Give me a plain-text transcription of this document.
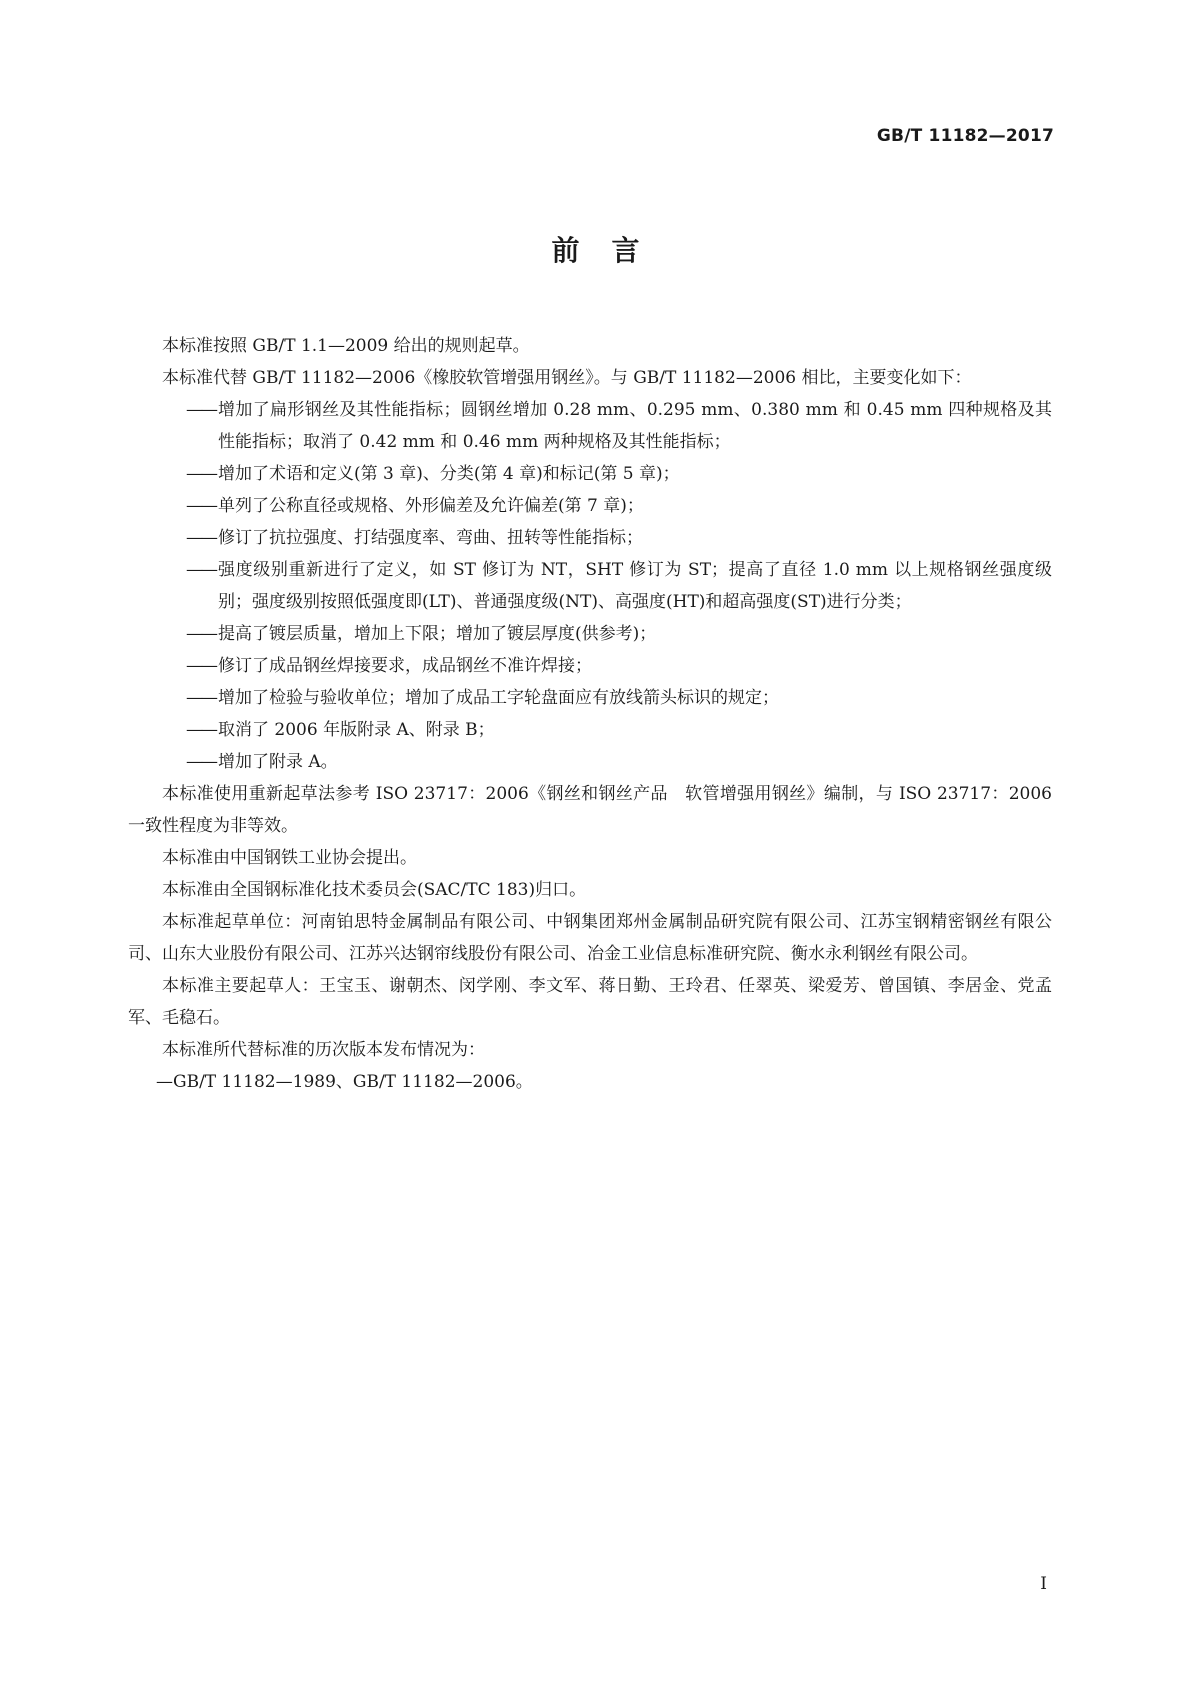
GB/T 11182—2017
前言

本标准按照 GB/T 1.1—2009 给出的规则起草。

本标准代替 GB/T 11182—2006《橡胶软管增强用钢丝》。与 GB/T 11182—2006 相比，主要变化如下：

—— 增加了扁形钢丝及其性能指标；圆钢丝增加 0.28 mm、0.295 mm、0.380 mm 和 0.45 mm 四种规格及其性能指标；取消了 0.42 mm 和 0.46 mm 两种规格及其性能指标；

—— 增加了术语和定义(第 3 章)、分类(第 4 章)和标记(第 5 章)；

—— 单列了公称直径或规格、外形偏差及允许偏差(第 7 章)；

—— 修订了抗拉强度、打结强度率、弯曲、扭转等性能指标；

—— 强度级别重新进行了定义，如 ST 修订为 NT，SHT 修订为 ST；提高了直径 1.0 mm 以上规格钢丝强度级别；强度级别按照低强度即(LT)、普通强度级(NT)、高强度(HT)和超高强度(ST)进行分类；

—— 提高了镀层质量，增加上下限；增加了镀层厚度(供参考)；

—— 修订了成品钢丝焊接要求，成品钢丝不准许焊接；

—— 增加了检验与验收单位；增加了成品工字轮盘面应有放线箭头标识的规定；

—— 取消了 2006 年版附录 A、附录 B；

—— 增加了附录 A。

本标准使用重新起草法参考 ISO 23717：2006《钢丝和钢丝产品　软管增强用钢丝》编制，与 ISO 23717：2006 一致性程度为非等效。

本标准由中国钢铁工业协会提出。

本标准由全国钢标准化技术委员会(SAC/TC 183)归口。

本标准起草单位：河南铂思特金属制品有限公司、中钢集团郑州金属制品研究院有限公司、江苏宝钢精密钢丝有限公司、山东大业股份有限公司、江苏兴达钢帘线股份有限公司、冶金工业信息标准研究院、衡水永利钢丝有限公司。

本标准主要起草人：王宝玉、谢朝杰、闵学刚、李文军、蒋日勤、王玲君、任翠英、梁爱芳、曾国镇、李居金、党孟军、毛稳石。

本标准所代替标准的历次版本发布情况为：

—GB/T 11182—1989、GB/T 11182—2006。

I
